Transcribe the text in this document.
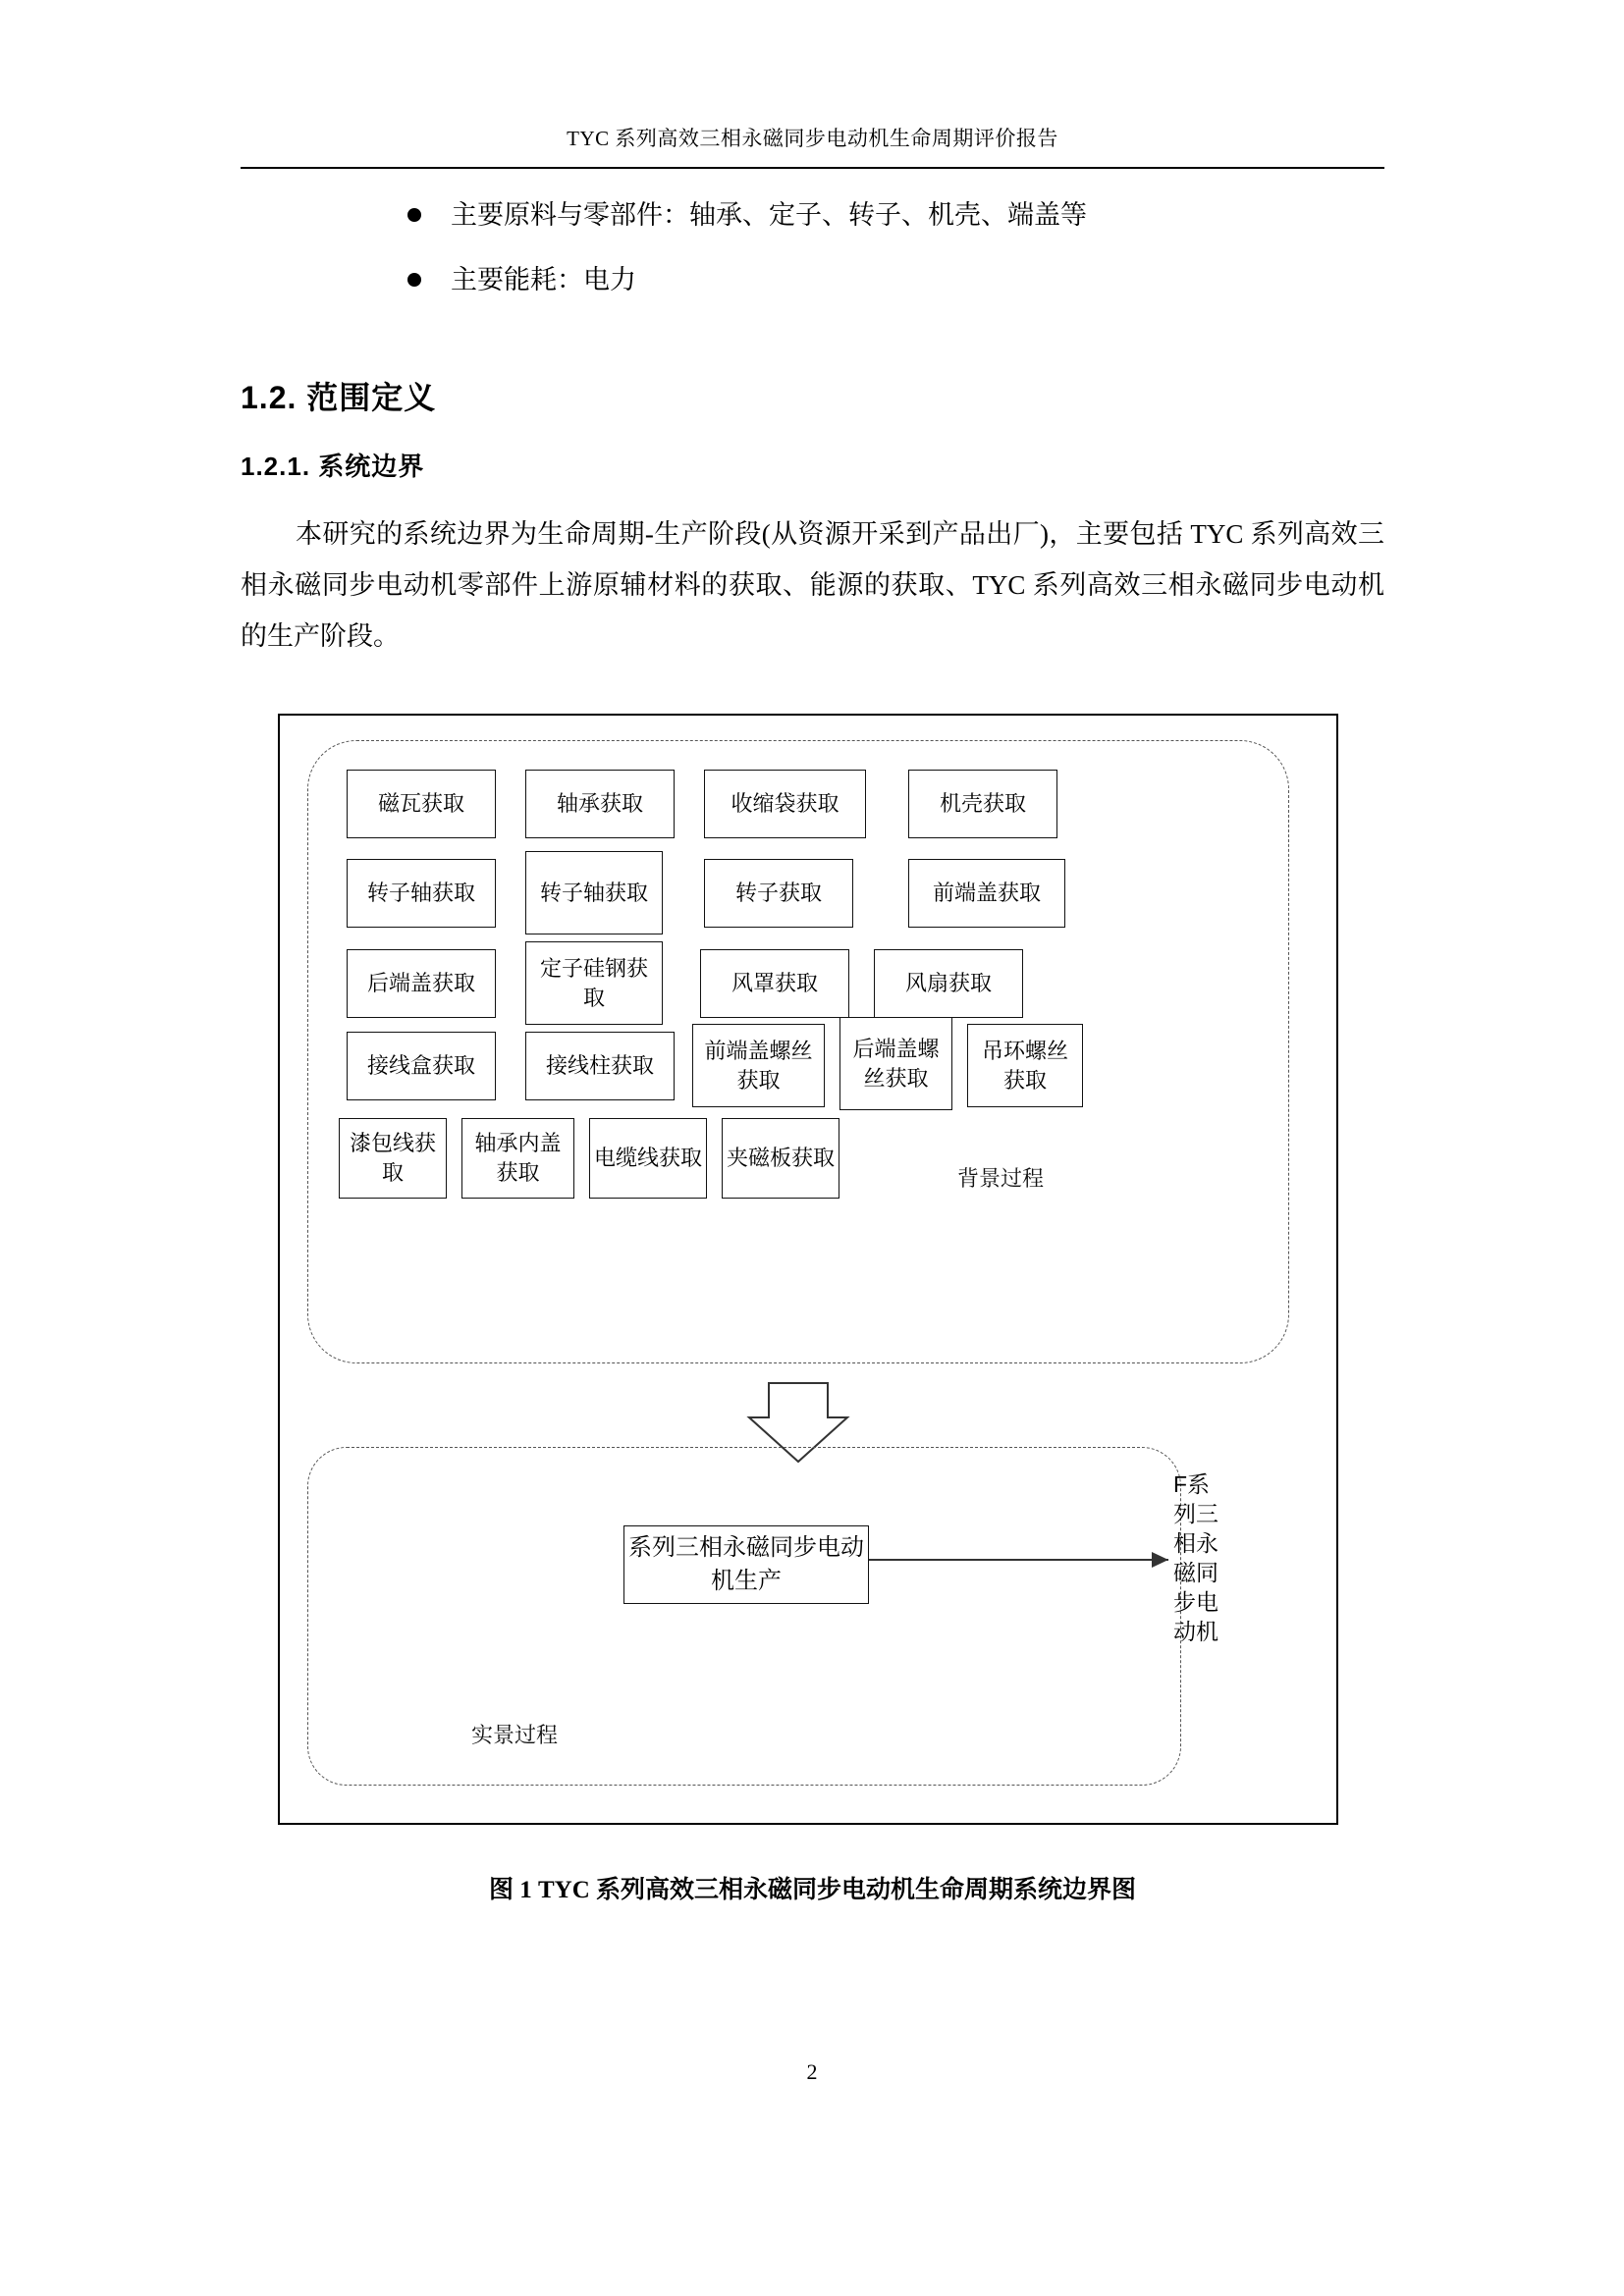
TYC 系列高效三相永磁同步电动机生命周期评价报告
主要原料与零部件：轴承、定子、转子、机壳、端盖等
主要能耗：电力
1.2. 范围定义
1.2.1. 系统边界
本研究的系统边界为生命周期-生产阶段(从资源开采到产品出厂)，主要包括 TYC 系列高效三相永磁同步电动机零部件上游原辅材料的获取、能源的获取、TYC 系列高效三相永磁同步电动机的生产阶段。
磁瓦获取	轴承获取	收缩袋获取	机壳获取
转子轴获取	转子轴获取	转子获取	前端盖获取
后端盖获取
定子硅钢获取
风罩获取	风扇获取
接线盒获取	接线柱获取
前端盖螺丝获取
后端盖螺丝获取
吊环螺丝获取
漆包线获取
轴承内盖获取
电缆线获取 夹磁板获取
背景过程
系列三相永磁同步电动机生产
实景过程
F系列三相永磁同步电动机
图 1 TYC 系列高效三相永磁同步电动机生命周期系统边界图
2
